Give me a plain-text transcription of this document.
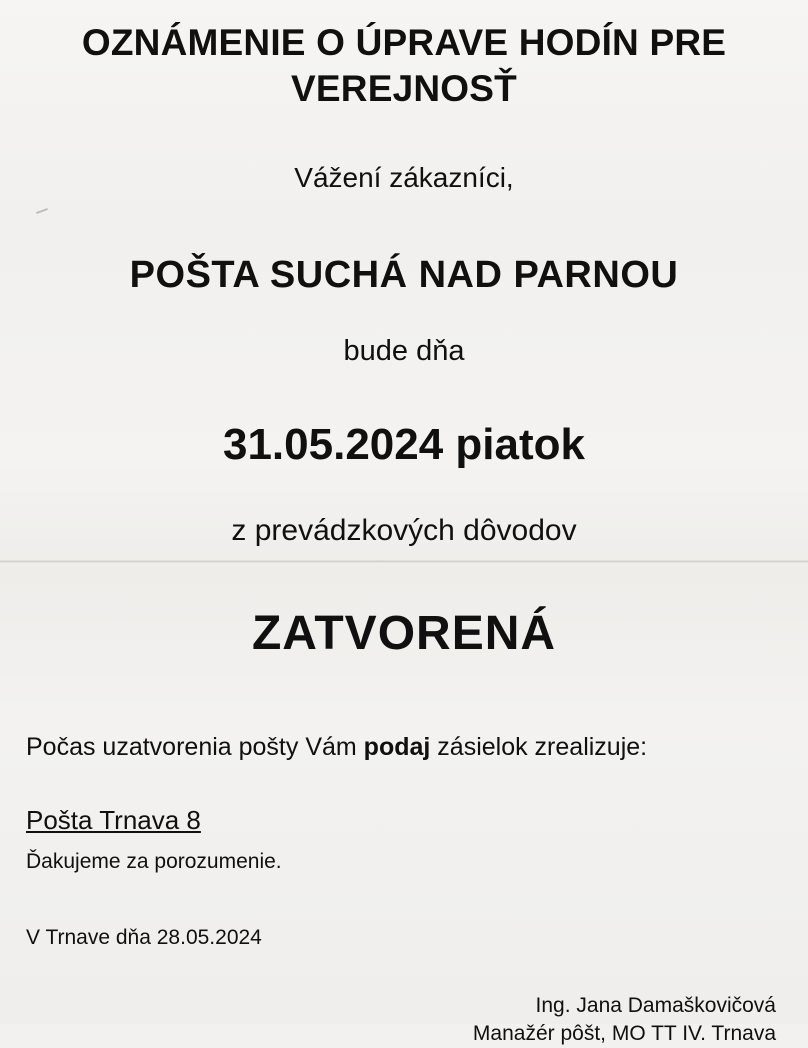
OZNÁMENIE O ÚPRAVE HODÍN PRE VEREJNOSŤ

Vážení zákazníci,

POŠTA SUCHÁ NAD PARNOU

bude dňa

31.05.2024 piatok

z prevádzkových dôvodov

ZATVORENÁ

Počas uzatvorenia pošty Vám podaj zásielok zrealizuje:

Pošta Trnava 8

Ďakujeme za porozumenie.

V Trnave dňa 28.05.2024

Ing. Jana Damaškovičová
Manažér pôšt, MO TT IV. Trnava
